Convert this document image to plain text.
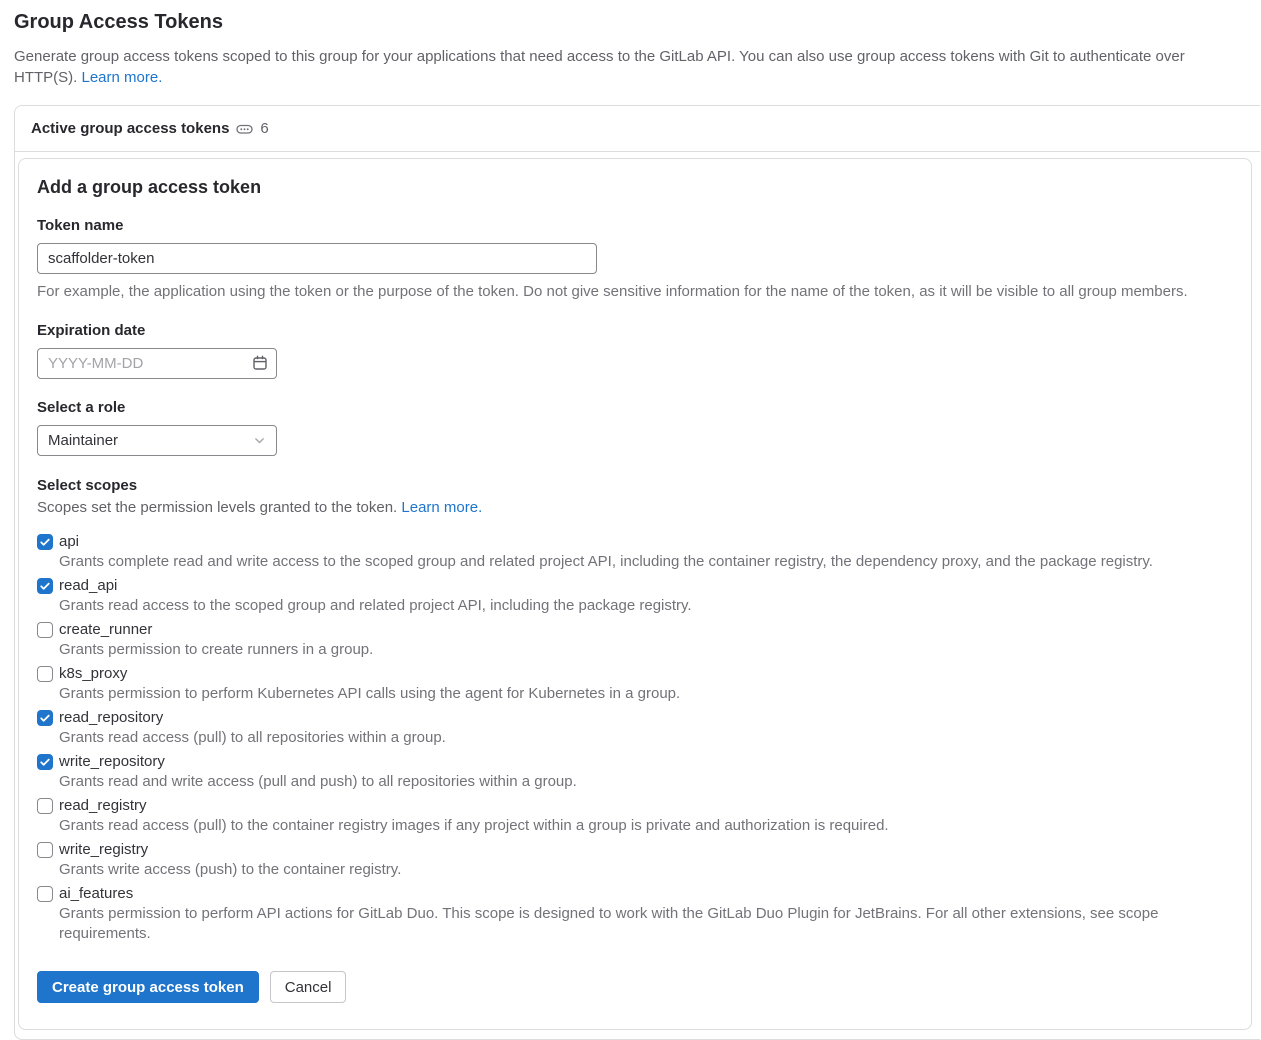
Group Access Tokens

Generate group access tokens scoped to this group for your applications that need access to the GitLab API. You can also use group access tokens with Git to authenticate over HTTP(S). Learn more.

Active group access tokens 6
Add a group access token
Token name
scaffolder-token

For example, the application using the token or the purpose of the token. Do not give sensitive information for the name of the token, as it will be visible to all group members.

Expiration date
YYYY-MM-DD
Select a role
Maintainer
Select scopes

Scopes set the permission levels granted to the token. Learn more.

api
Grants complete read and write access to the scoped group and related project API, including the container registry, the dependency proxy, and the package registry.
read_api
Grants read access to the scoped group and related project API, including the package registry.
create_runner
Grants permission to create runners in a group.
k8s_proxy
Grants permission to perform Kubernetes API calls using the agent for Kubernetes in a group.
read_repository
Grants read access (pull) to all repositories within a group.
write_repository
Grants read and write access (pull and push) to all repositories within a group.
read_registry
Grants read access (pull) to the container registry images if any project within a group is private and authorization is required.
write_registry
Grants write access (push) to the container registry.
ai_features
Grants permission to perform API actions for GitLab Duo. This scope is designed to work with the GitLab Duo Plugin for JetBrains. For all other extensions, see scope requirements.
Create group access token	Cancel
